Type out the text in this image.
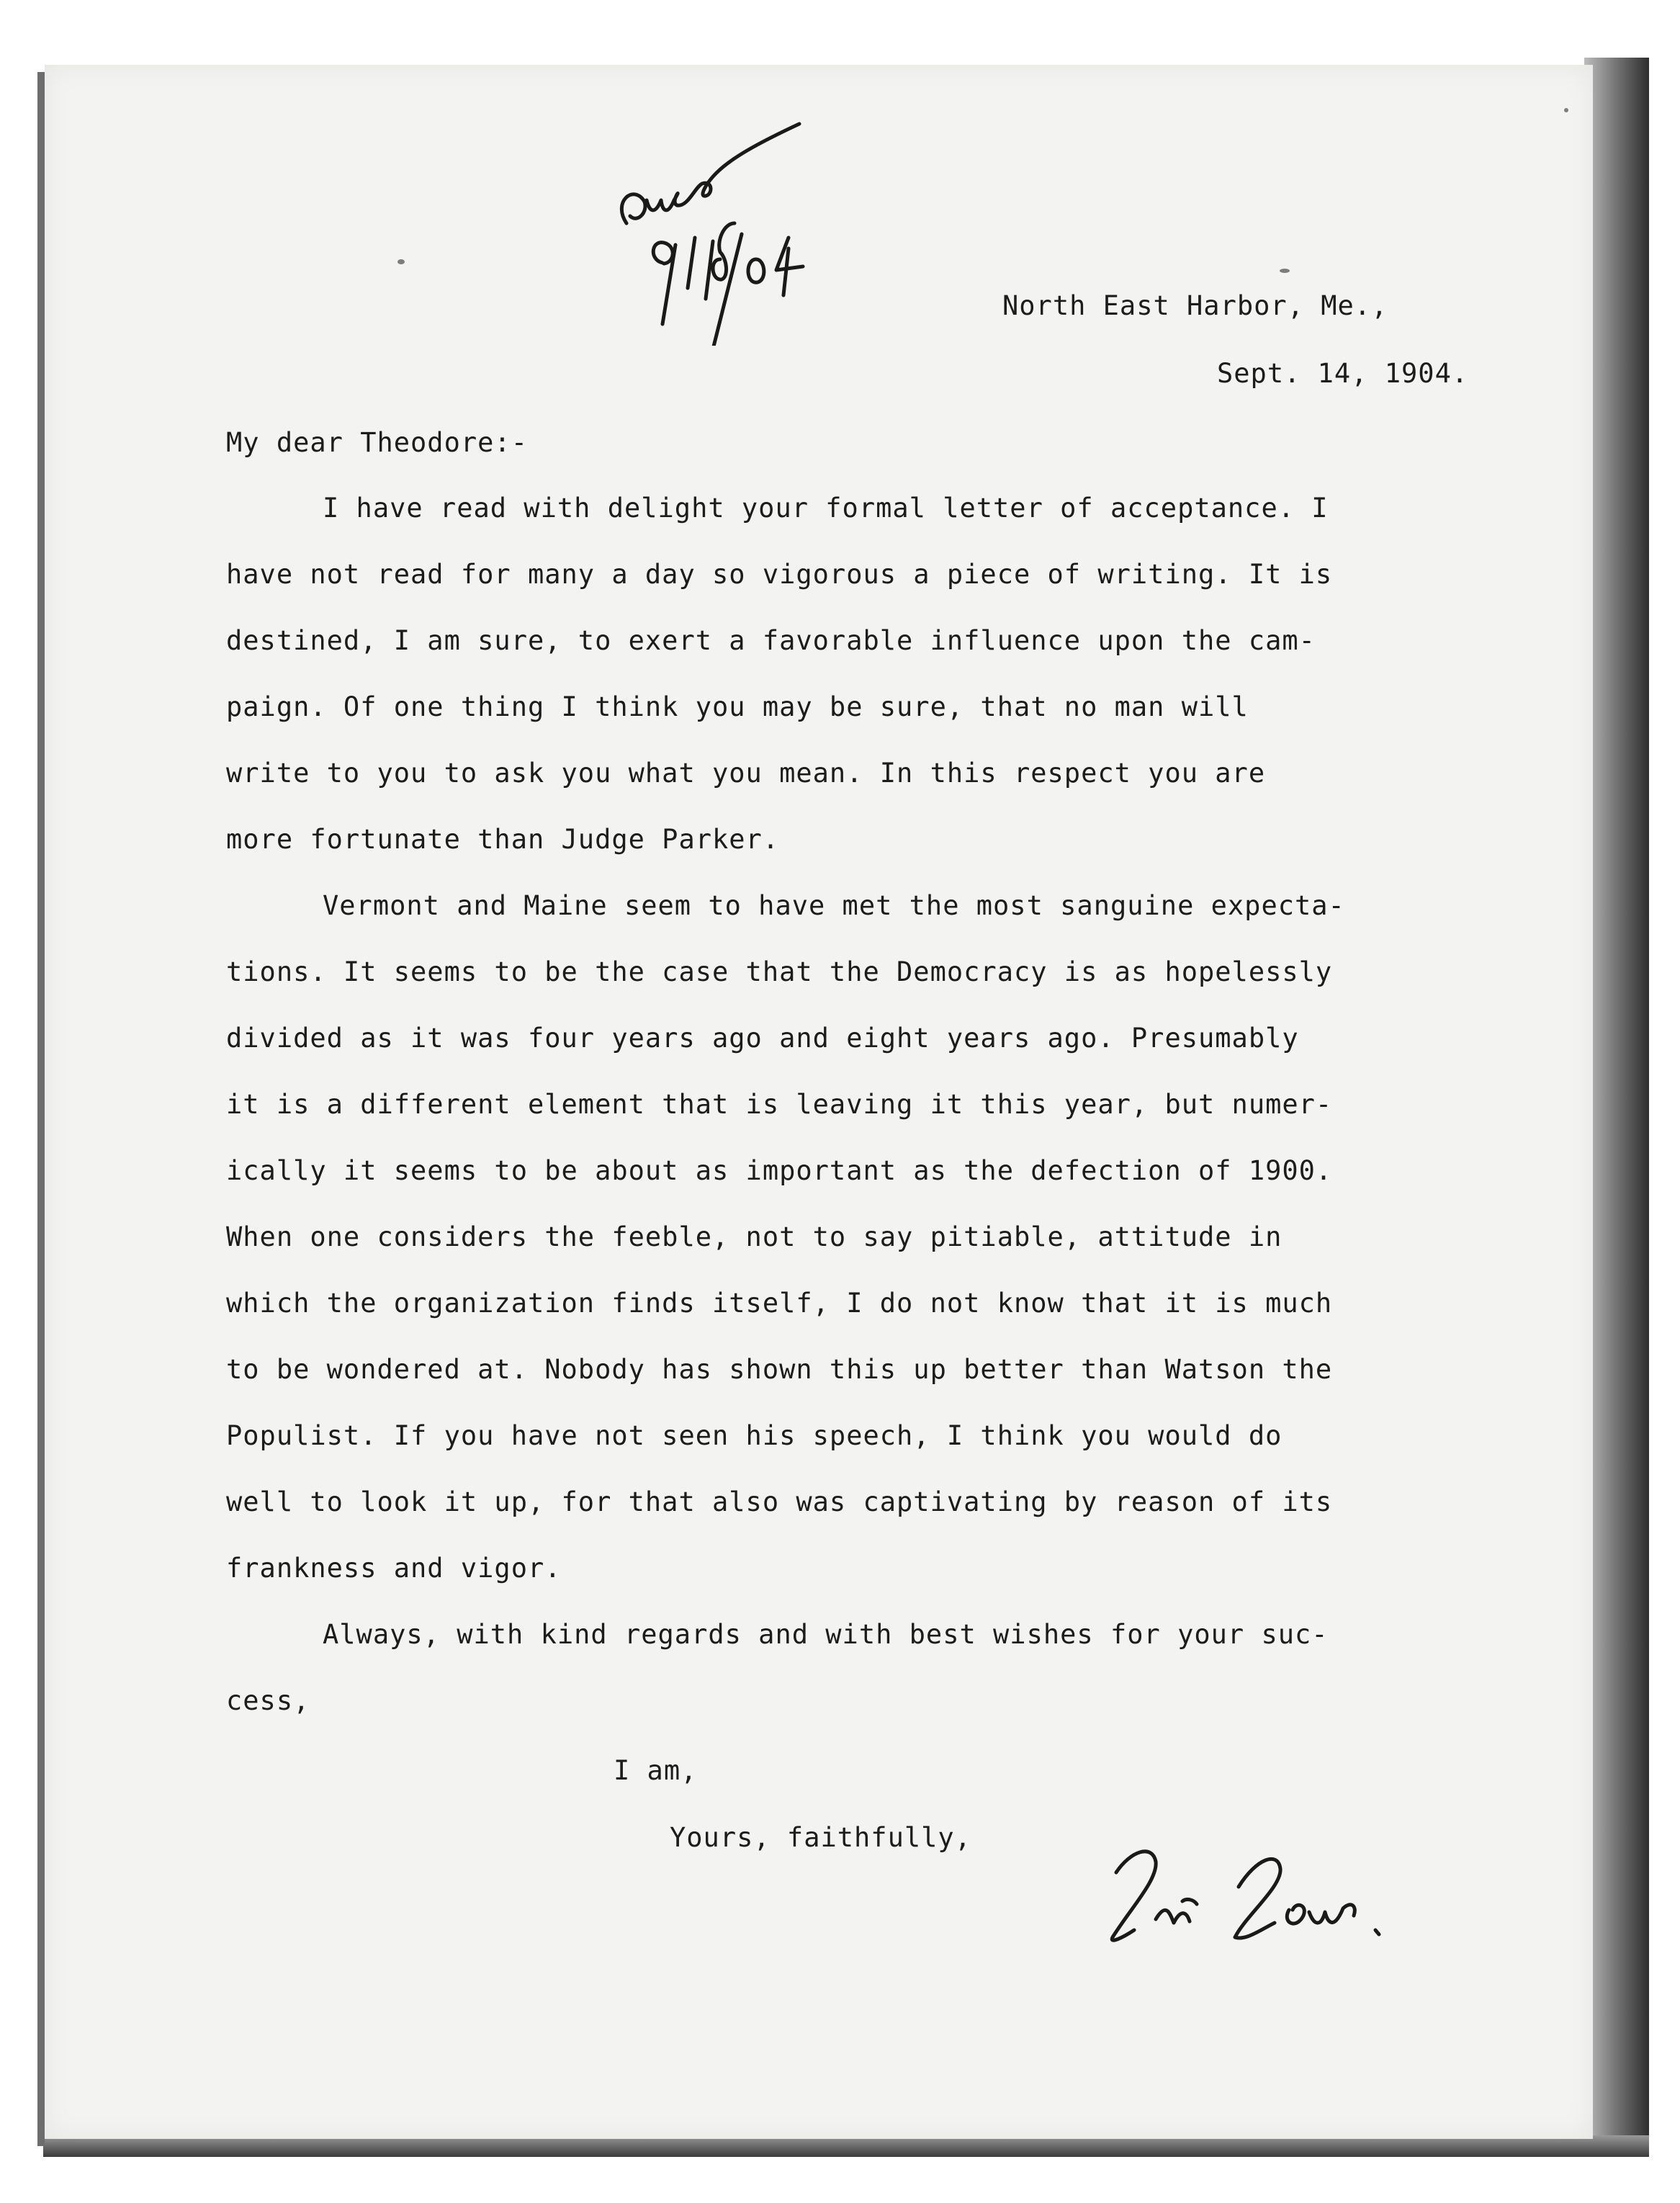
North East Harbor, Me.,
Sept. 14, 1904.
My dear Theodore:-
I have read with delight your formal letter of acceptance. I
have not read for many a day so vigorous a piece of writing. It is
destined, I am sure, to exert a favorable influence upon the cam-
paign. Of one thing I think you may be sure, that no man will
write to you to ask you what you mean. In this respect you are
more fortunate than Judge Parker.
Vermont and Maine seem to have met the most sanguine expecta-
tions. It seems to be the case that the Democracy is as hopelessly
divided as it was four years ago and eight years ago. Presumably
it is a different element that is leaving it this year, but numer-
ically it seems to be about as important as the defection of 1900.
When one considers the feeble, not to say pitiable, attitude in
which the organization finds itself, I do not know that it is much
to be wondered at. Nobody has shown this up better than Watson the
Populist. If you have not seen his speech, I think you would do
well to look it up, for that also was captivating by reason of its
frankness and vigor.
Always, with kind regards and with best wishes for your suc-
cess,
I am,
Yours, faithfully,
